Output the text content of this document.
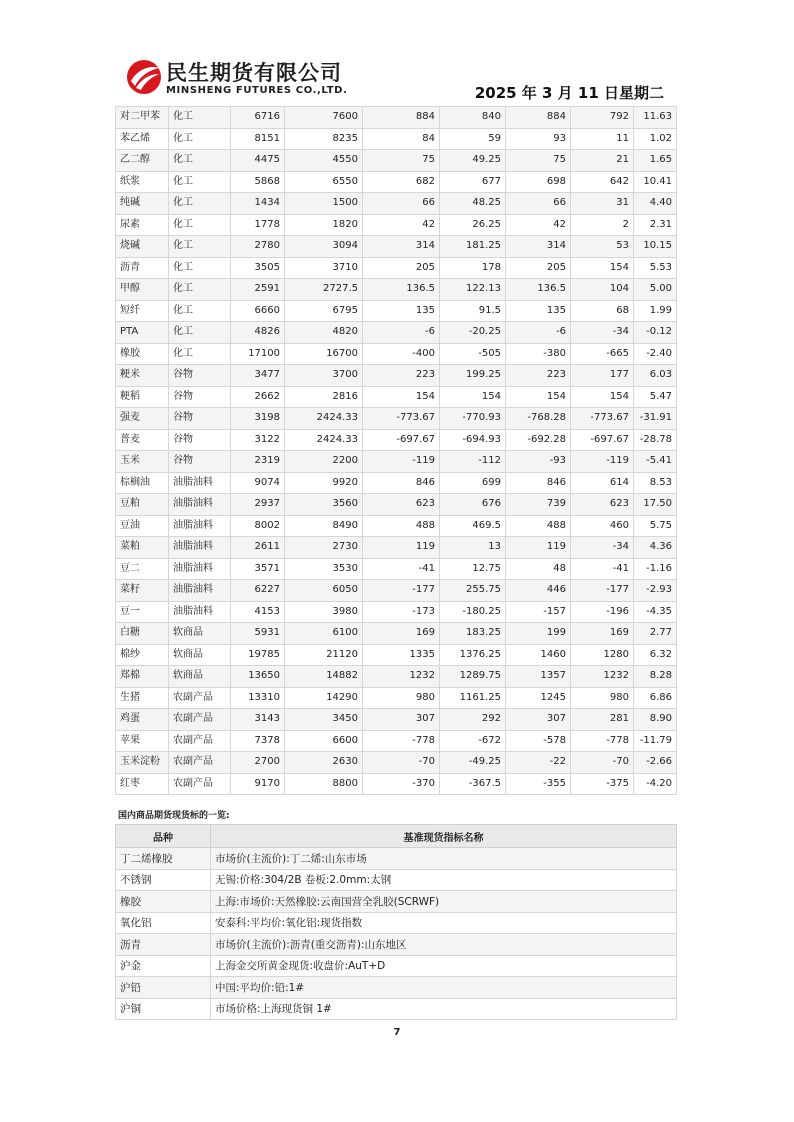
民生期货有限公司
MINSHENG FUTURES CO.,LTD.	2025 年 3 月 11 日星期二
对二甲苯	化工	6716	7600	884	840	884	792	11.63
苯乙烯	化工	8151	8235	84	59	93	11	1.02
乙二醇	化工	4475	4550	75	49.25	75	21	1.65
纸浆	化工	5868	6550	682	677	698	642	10.41
纯碱	化工	1434	1500	66	48.25	66	31	4.40
尿素	化工	1778	1820	42	26.25	42	2	2.31
烧碱	化工	2780	3094	314	181.25	314	53	10.15
沥青	化工	3505	3710	205	178	205	154	5.53
甲醇	化工	2591	2727.5	136.5	122.13	136.5	104	5.00
短纤	化工	6660	6795	135	91.5	135	68	1.99
PTA	化工	4826	4820	-6	-20.25	-6	-34	-0.12
橡胶	化工	17100	16700	-400	-505	-380	-665	-2.40
粳米	谷物	3477	3700	223	199.25	223	177	6.03
粳稻	谷物	2662	2816	154	154	154	154	5.47
强麦	谷物	3198	2424.33	-773.67	-770.93	-768.28	-773.67	-31.91
普麦	谷物	3122	2424.33	-697.67	-694.93	-692.28	-697.67	-28.78
玉米	谷物	2319	2200	-119	-112	-93	-119	-5.41
棕榈油	油脂油料	9074	9920	846	699	846	614	8.53
豆粕	油脂油料	2937	3560	623	676	739	623	17.50
豆油	油脂油料	8002	8490	488	469.5	488	460	5.75
菜粕	油脂油料	2611	2730	119	13	119	-34	4.36
豆二	油脂油料	3571	3530	-41	12.75	48	-41	-1.16
菜籽	油脂油料	6227	6050	-177	255.75	446	-177	-2.93
豆一	油脂油料	4153	3980	-173	-180.25	-157	-196	-4.35
白糖	软商品	5931	6100	169	183.25	199	169	2.77
棉纱	软商品	19785	21120	1335	1376.25	1460	1280	6.32
郑棉	软商品	13650	14882	1232	1289.75	1357	1232	8.28
生猪	农副产品	13310	14290	980	1161.25	1245	980	6.86
鸡蛋	农副产品	3143	3450	307	292	307	281	8.90
苹果	农副产品	7378	6600	-778	-672	-578	-778	-11.79
玉米淀粉	农副产品	2700	2630	-70	-49.25	-22	-70	-2.66
红枣	农副产品	9170	8800	-370	-367.5	-355	-375	-4.20
国内商品期货现货标的一览:
品种	基准现货指标名称
丁二烯橡胶	市场价(主流价):丁二烯:山东市场
不锈钢	无锡:价格:304/2B 卷板:2.0mm:太钢
橡胶	上海:市场价:天然橡胶:云南国营全乳胶(SCRWF)
氧化铝	安泰科:平均价:氧化铝:现货指数
沥青	市场价(主流价):沥青(重交沥青):山东地区
沪金	上海金交所黄金现货:收盘价:AuT+D
沪铅	中国:平均价:铅:1#
沪铜	市场价格:上海现货铜 1#
7
